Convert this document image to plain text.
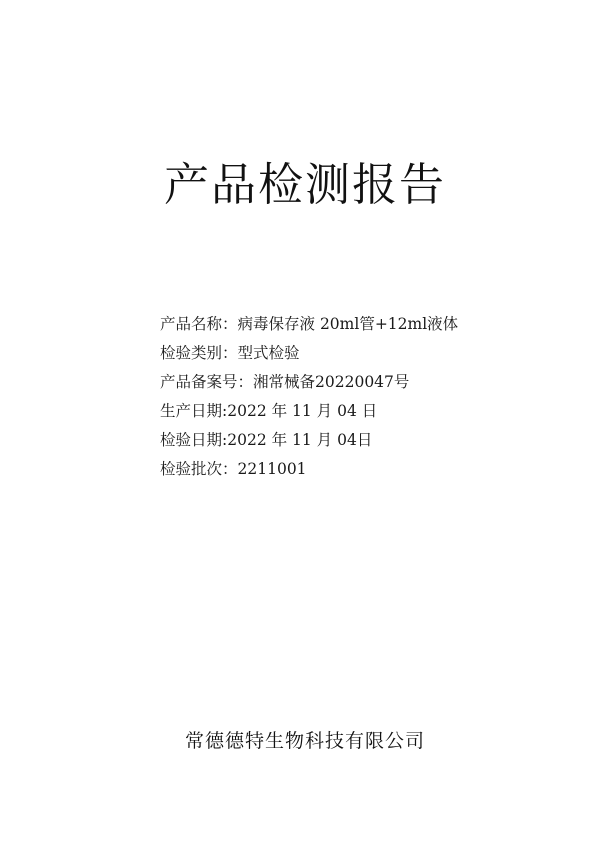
产品检测报告
产品名称：病毒保存液 20ml管+12ml液体
检验类别：型式检验
产品备案号：湘常械备20220047号
生产日期:2022 年 11 月 04 日
检验日期:2022 年 11 月 04日
检验批次：2211001
常德德特生物科技有限公司
